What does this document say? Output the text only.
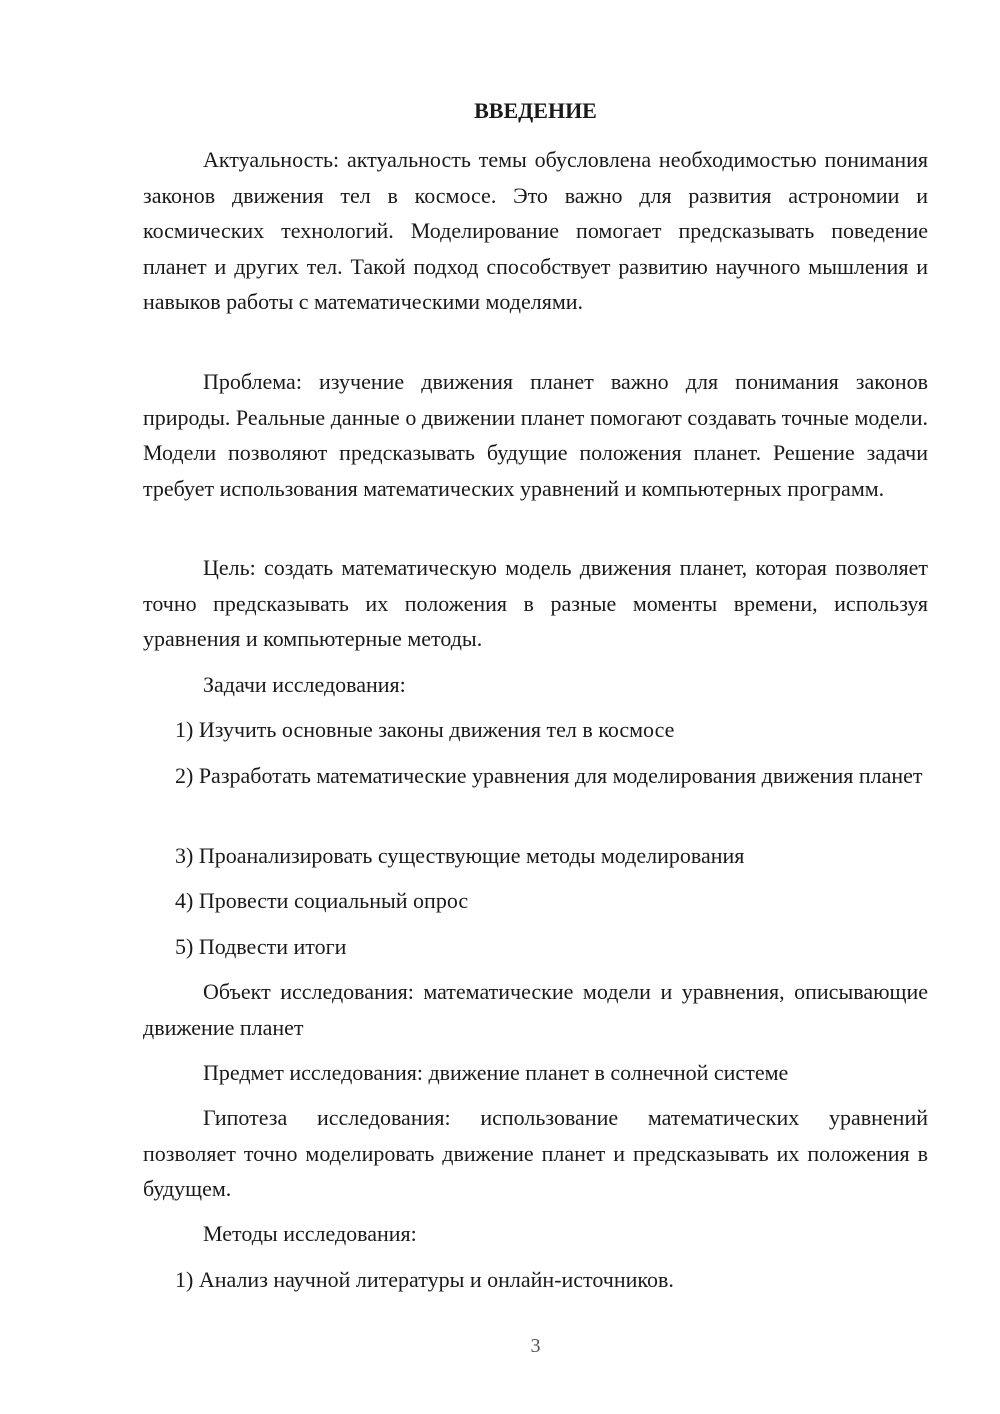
ВВЕДЕНИЕ

Актуальность: актуальность темы обусловлена необходимостью понимания законов движения тел в космосе. Это важно для развития астрономии и космических технологий. Моделирование помогает предсказывать поведение планет и других тел. Такой подход способствует развитию научного мышления и навыков работы с математическими моделями.

Проблема: изучение движения планет важно для понимания законов природы. Реальные данные о движении планет помогают создавать точные модели. Модели позволяют предсказывать будущие положения планет. Решение задачи требует использования математических уравнений и компьютерных программ.

Цель: создать математическую модель движения планет, которая позволяет точно предсказывать их положения в разные моменты времени, используя уравнения и компьютерные методы.

Задачи исследования:

1) Изучить основные законы движения тел в космосе

2) Разработать математические уравнения для моделирования движения планет

3) Проанализировать существующие методы моделирования

4) Провести социальный опрос

5) Подвести итоги

Объект исследования: математические модели и уравнения, описывающие движение планет

Предмет исследования: движение планет в солнечной системе

Гипотеза исследования: использование математических уравнений позволяет точно моделировать движение планет и предсказывать их положения в будущем.

Методы исследования:

1) Анализ научной литературы и онлайн-источников.

3
